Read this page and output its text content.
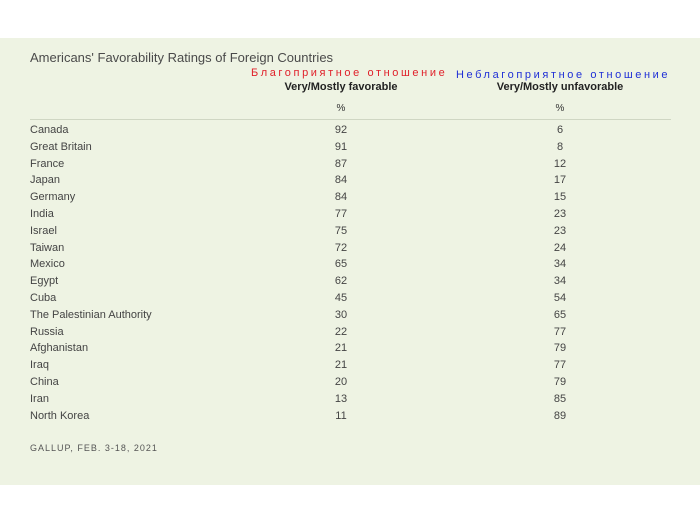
Americans' Favorability Ratings of Foreign Countries
Благоприятное отношение Неблагоприятное отношение
Very/Mostly favorable	Very/Mostly unfavorable
%	%
Canada	92	6
Great Britain	91	8
France	87	12
Japan	84	17
Germany	84	15
India	77	23
Israel	75	23
Taiwan	72	24
Mexico	65	34
Egypt	62	34
Cuba	45	54
The Palestinian Authority	30	65
Russia	22	77
Afghanistan	21	79
Iraq	21	77
China	20	79
Iran	13	85
North Korea	11	89
GALLUP, FEB. 3-18, 2021
